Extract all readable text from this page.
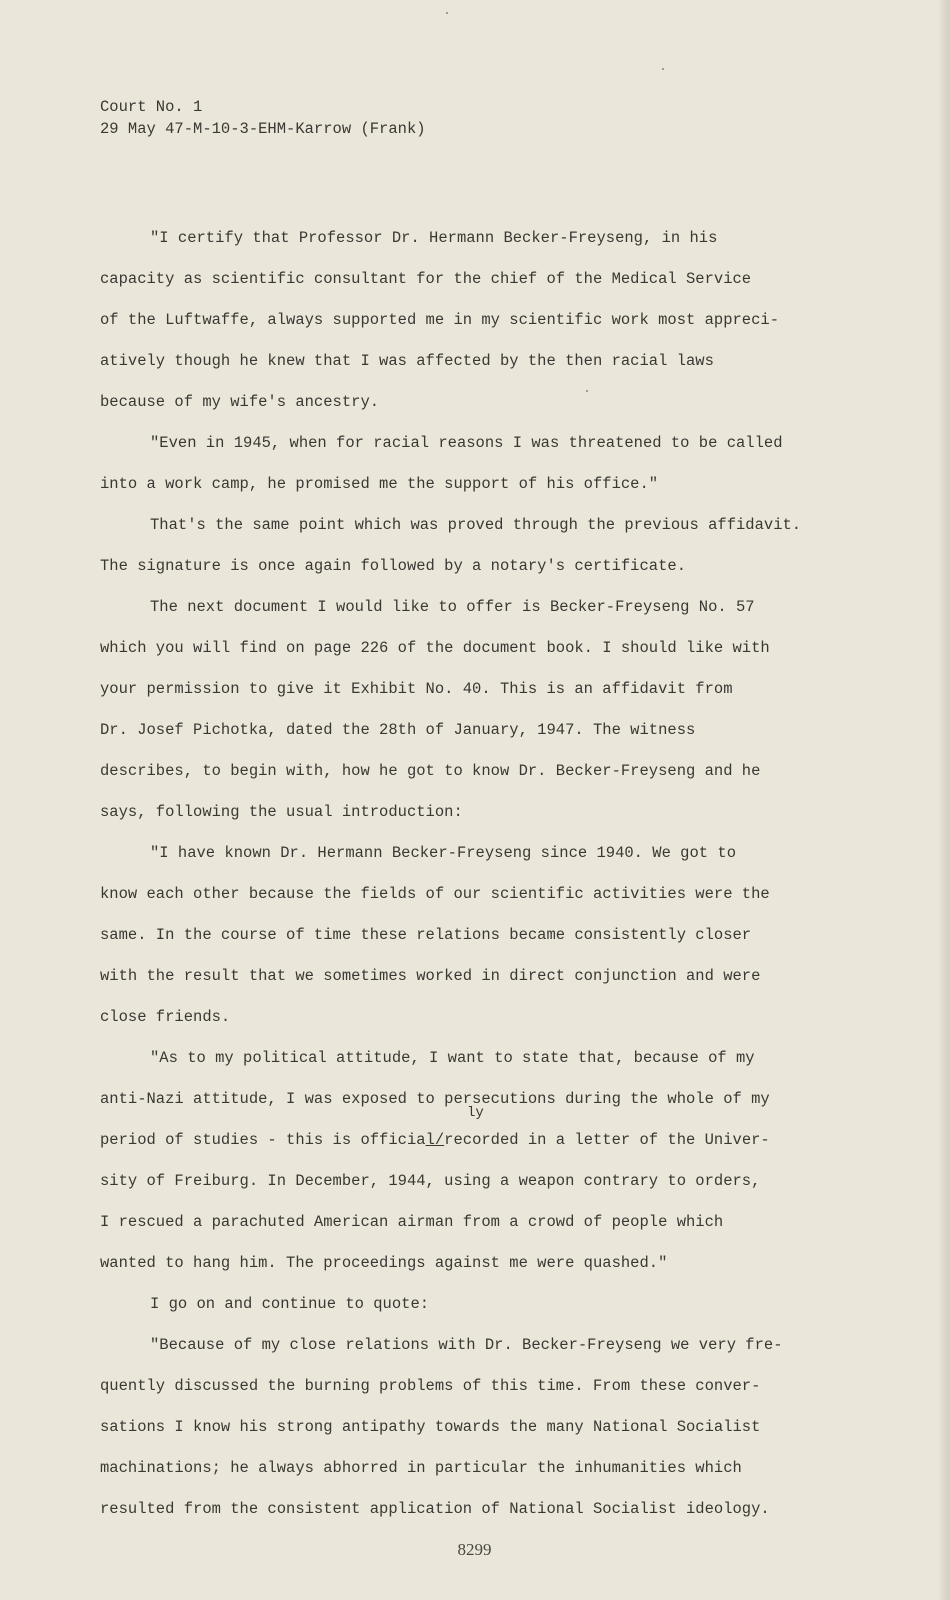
Court No. 1
29 May 47-M-10-3-EHM-Karrow (Frank)
"I certify that Professor Dr. Hermann Becker-Freyseng, in his
capacity as scientific consultant for the chief of the Medical Service
of the Luftwaffe, always supported me in my scientific work most appreci-
atively though he knew that I was affected by the then racial laws
because of my wife's ancestry.
"Even in 1945, when for racial reasons I was threatened to be called
into a work camp, he promised me the support of his office."
That's the same point which was proved through the previous affidavit.
The signature is once again followed by a notary's certificate.
The next document I would like to offer is Becker-Freyseng No. 57
which you will find on page 226 of the document book. I should like with
your permission to give it Exhibit No. 40. This is an affidavit from
Dr. Josef Pichotka, dated the 28th of January, 1947. The witness
describes, to begin with, how he got to know Dr. Becker-Freyseng and he
says, following the usual introduction:
"I have known Dr. Hermann Becker-Freyseng since 1940. We got to
know each other because the fields of our scientific activities were the
same. In the course of time these relations became consistently closer
with the result that we sometimes worked in direct conjunction and were
close friends.
"As to my political attitude, I want to state that, because of my
anti-Nazi attitude, I was exposed to persecutions during the whole of my
ly
period of studies - this is official/recorded in a letter of the Univer-
sity of Freiburg. In December, 1944, using a weapon contrary to orders,
I rescued a parachuted American airman from a crowd of people which
wanted to hang him. The proceedings against me were quashed."
I go on and continue to quote:
"Because of my close relations with Dr. Becker-Freyseng we very fre-
quently discussed the burning problems of this time. From these conver-
sations I know his strong antipathy towards the many National Socialist
machinations; he always abhorred in particular the inhumanities which
resulted from the consistent application of National Socialist ideology.
8299
